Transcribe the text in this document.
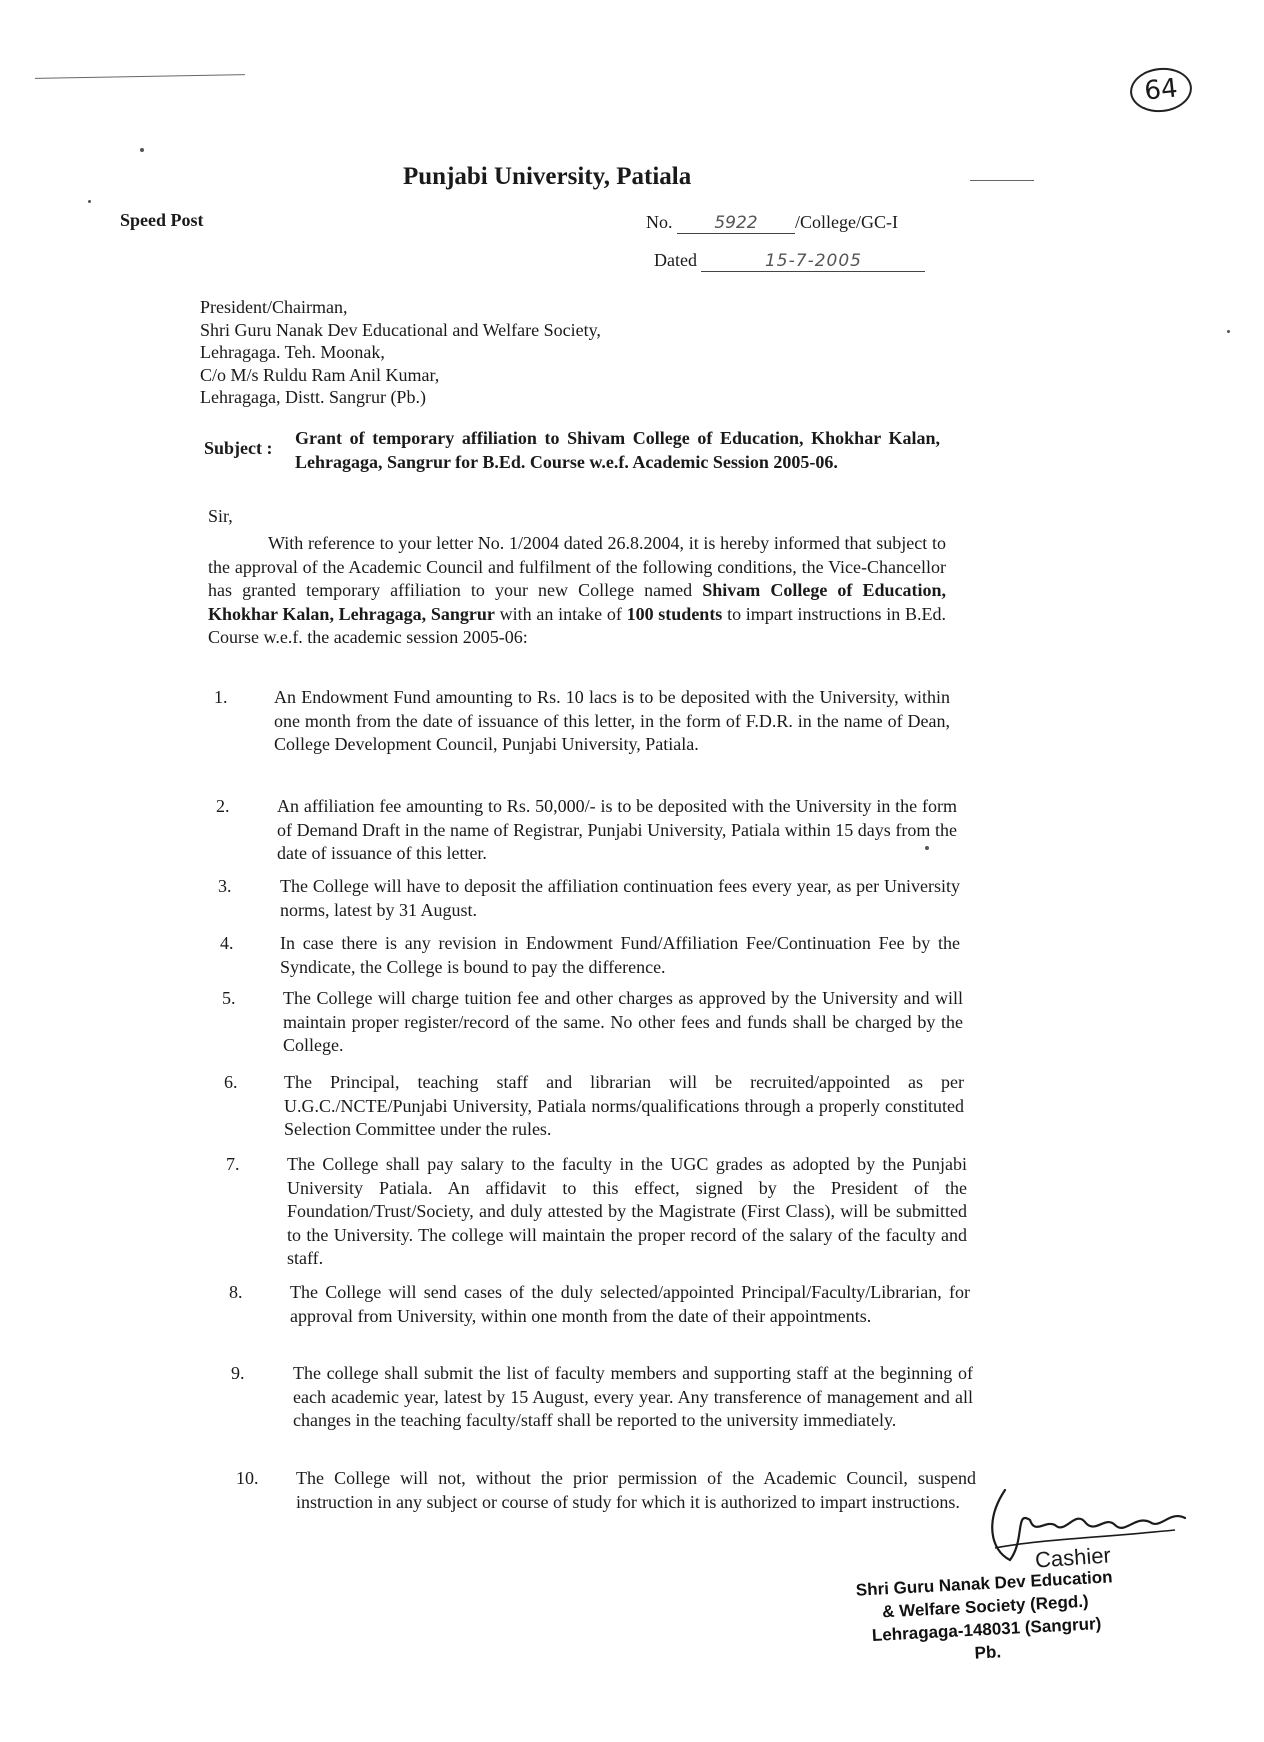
64
Punjabi University, Patiala
Speed Post	No. 5922 /College/GC-I
Dated	15-7-2005
President/Chairman,
Shri Guru Nanak Dev Educational and Welfare Society,
Lehragaga. Teh. Moonak,
C/o M/s Ruldu Ram Anil Kumar,
Lehragaga, Distt. Sangrur (Pb.)
Subject : Grant of temporary affiliation to Shivam College of Education, Khokhar Kalan, Lehragaga, Sangrur for B.Ed. Course w.e.f. Academic Session 2005-06.
Sir,
With reference to your letter No. 1/2004 dated 26.8.2004, it is hereby informed that subject to the approval of the Academic Council and fulfilment of the following conditions, the Vice-Chancellor has granted temporary affiliation to your new College named Shivam College of Education, Khokhar Kalan, Lehragaga, Sangrur with an intake of 100 students to impart instructions in B.Ed. Course w.e.f. the academic session 2005-06:
1.	An Endowment Fund amounting to Rs. 10 lacs is to be deposited with the University, within one month from the date of issuance of this letter, in the form of F.D.R. in the name of Dean, College Development Council, Punjabi University, Patiala.
2.	An affiliation fee amounting to Rs. 50,000/- is to be deposited with the University in the form of Demand Draft in the name of Registrar, Punjabi University, Patiala within 15 days from the date of issuance of this letter.
3.	The College will have to deposit the affiliation continuation fees every year, as per University norms, latest by 31 August.
4.	In case there is any revision in Endowment Fund/Affiliation Fee/Continuation Fee by the Syndicate, the College is bound to pay the difference.
5.	The College will charge tuition fee and other charges as approved by the University and will maintain proper register/record of the same. No other fees and funds shall be charged by the College.
6.	The Principal, teaching staff and librarian will be recruited/appointed as per U.G.C./NCTE/Punjabi University, Patiala norms/qualifications through a properly constituted Selection Committee under the rules.
7.	The College shall pay salary to the faculty in the UGC grades as adopted by the Punjabi University Patiala. An affidavit to this effect, signed by the President of the Foundation/Trust/Society, and duly attested by the Magistrate (First Class), will be submitted to the University. The college will maintain the proper record of the salary of the faculty and staff.
8.	The College will send cases of the duly selected/appointed Principal/Faculty/Librarian, for approval from University, within one month from the date of their appointments.
9.	The college shall submit the list of faculty members and supporting staff at the beginning of each academic year, latest by 15 August, every year. Any transference of management and all changes in the teaching faculty/staff shall be reported to the university immediately.
10. The College will not, without the prior permission of the Academic Council, suspend instruction in any subject or course of study for which it is authorized to impart instructions.
Cashier
Shri Guru Nanak Dev Education
& Welfare Society (Regd.)
Lehragaga-148031 (Sangrur) Pb.
